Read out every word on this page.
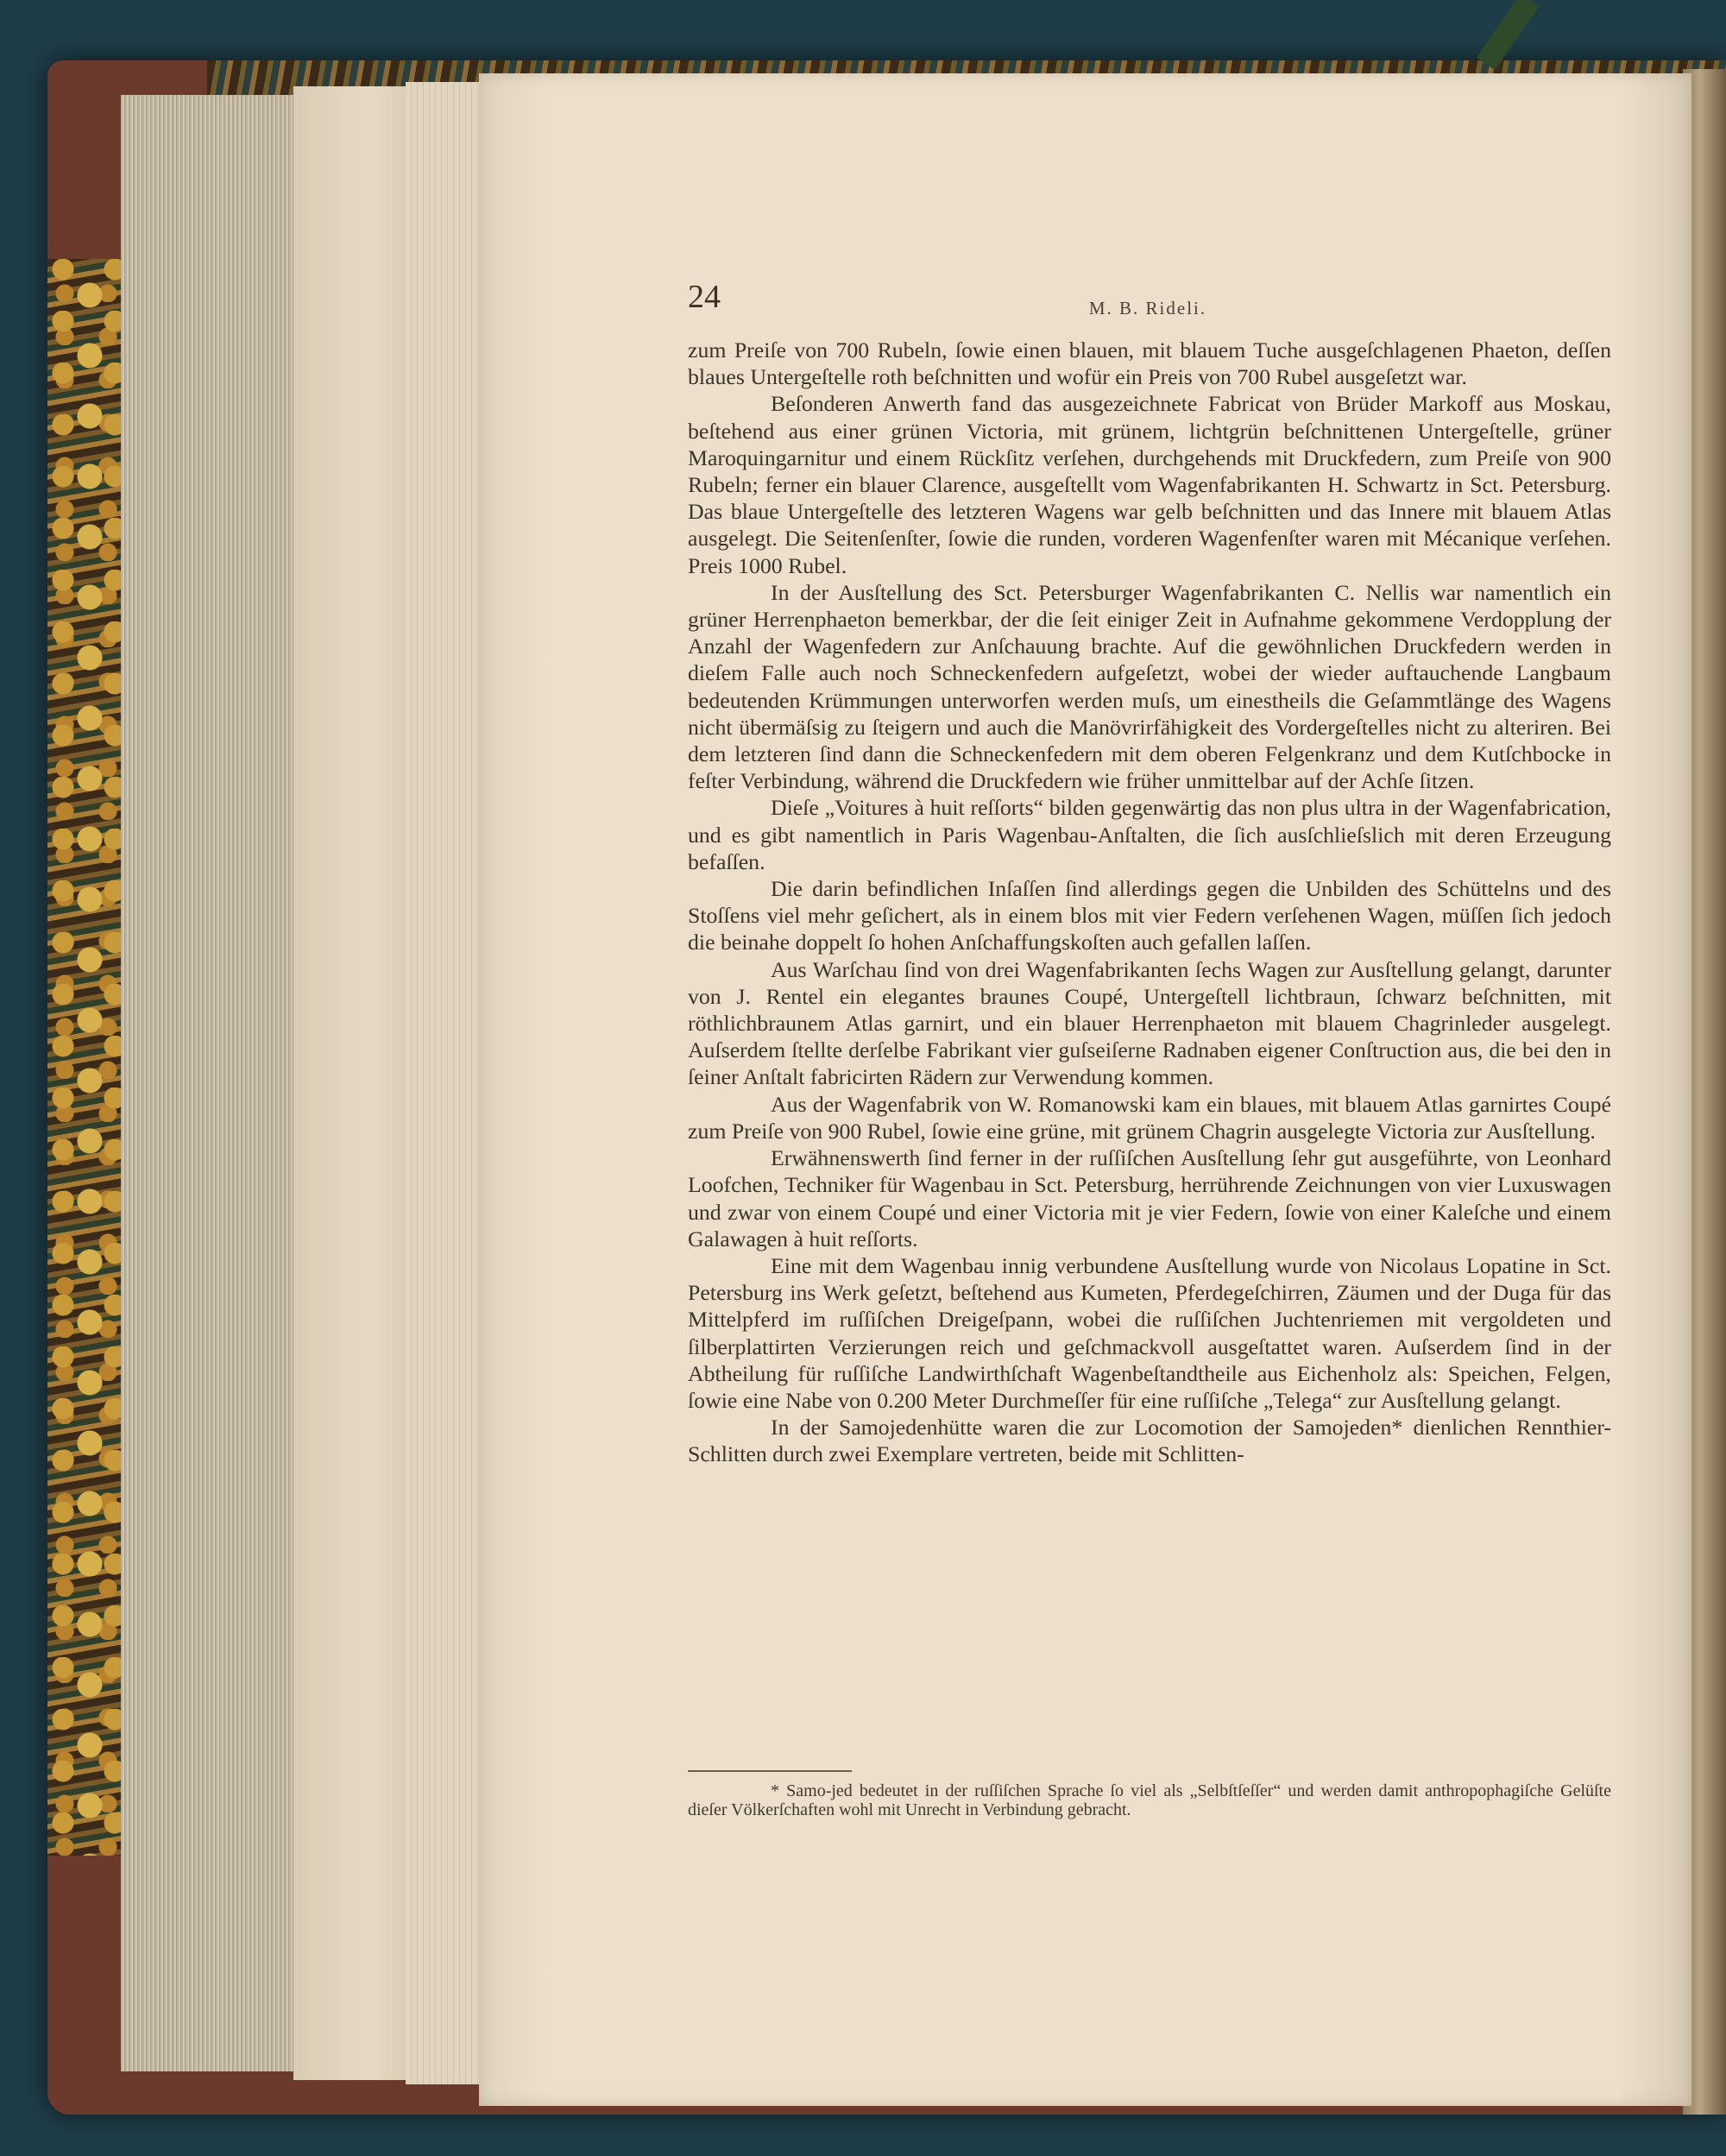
24	M. B. Rideli.

zum Preiſe von 700 Rubeln, ſowie einen blauen, mit blauem Tuche ausgeſchlagenen Phaeton, deſſen blaues Untergeſtelle roth beſchnitten und wofür ein Preis von 700 Rubel ausgeſetzt war.

Beſonderen Anwerth fand das ausgezeichnete Fabricat von Brüder Markoff aus Moskau, beſtehend aus einer grünen Victoria, mit grünem, lichtgrün beſchnittenen Untergeſtelle, grüner Maroquingarnitur und einem Rückſitz verſehen, durchgehends mit Druckfedern, zum Preiſe von 900 Rubeln; ferner ein blauer Clarence, ausgeſtellt vom Wagenfabrikanten H. Schwartz in Sct. Petersburg. Das blaue Untergeſtelle des letzteren Wagens war gelb beſchnitten und das Innere mit blauem Atlas ausgelegt. Die Seitenſenſter, ſowie die runden, vorderen Wagenfenſter waren mit Mécanique verſehen. Preis 1000 Rubel.

In der Ausſtellung des Sct. Petersburger Wagenfabrikanten C. Nellis war namentlich ein grüner Herrenphaeton bemerkbar, der die ſeit einiger Zeit in Aufnahme gekommene Verdopplung der Anzahl der Wagenfedern zur Anſchauung brachte. Auf die gewöhnlichen Druckfedern werden in dieſem Falle auch noch Schneckenfedern aufgeſetzt, wobei der wieder auftauchende Langbaum bedeutenden Krümmungen unterworfen werden muſs, um einestheils die Geſammtlänge des Wagens nicht übermäſsig zu ſteigern und auch die Manövrirfähigkeit des Vordergeſtelles nicht zu alteriren. Bei dem letzteren ſind dann die Schneckenfedern mit dem oberen Felgenkranz und dem Kutſchbocke in feſter Verbindung, während die Druckfedern wie früher unmittelbar auf der Achſe ſitzen.

Dieſe „Voitures à huit reſſorts“ bilden gegenwärtig das non plus ultra in der Wagenfabrication, und es gibt namentlich in Paris Wagenbau-Anſtalten, die ſich ausſchlieſslich mit deren Erzeugung befaſſen.

Die darin befindlichen Inſaſſen ſind allerdings gegen die Unbilden des Schüttelns und des Stoſſens viel mehr geſichert, als in einem blos mit vier Federn verſehenen Wagen, müſſen ſich jedoch die beinahe doppelt ſo hohen Anſchaffungskoſten auch gefallen laſſen.

Aus Warſchau ſind von drei Wagenfabrikanten ſechs Wagen zur Ausſtellung gelangt, darunter von J. Rentel ein elegantes braunes Coupé, Untergeſtell lichtbraun, ſchwarz beſchnitten, mit röthlichbraunem Atlas garnirt, und ein blauer Herrenphaeton mit blauem Chagrinleder ausgelegt. Auſserdem ſtellte derſelbe Fabrikant vier guſseiſerne Radnaben eigener Conſtruction aus, die bei den in ſeiner Anſtalt fabricirten Rädern zur Verwendung kommen.

Aus der Wagenfabrik von W. Romanowski kam ein blaues, mit blauem Atlas garnirtes Coupé zum Preiſe von 900 Rubel, ſowie eine grüne, mit grünem Chagrin ausgelegte Victoria zur Ausſtellung.

Erwähnenswerth ſind ferner in der ruſſiſchen Ausſtellung ſehr gut ausgeführte, von Leonhard Loofchen, Techniker für Wagenbau in Sct. Petersburg, herrührende Zeichnungen von vier Luxuswagen und zwar von einem Coupé und einer Victoria mit je vier Federn, ſowie von einer Kaleſche und einem Galawagen à huit reſſorts.

Eine mit dem Wagenbau innig verbundene Ausſtellung wurde von Nicolaus Lopatine in Sct. Petersburg ins Werk geſetzt, beſtehend aus Kumeten, Pferdegeſchirren, Zäumen und der Duga für das Mittelpferd im ruſſiſchen Dreigeſpann, wobei die ruſſiſchen Juchtenriemen mit vergoldeten und ſilberplattirten Verzierungen reich und geſchmackvoll ausgeſtattet waren. Auſserdem ſind in der Abtheilung für ruſſiſche Landwirthſchaft Wagenbeſtandtheile aus Eichenholz als: Speichen, Felgen, ſowie eine Nabe von 0.200 Meter Durchmeſſer für eine ruſſiſche „Telega“ zur Ausſtellung gelangt.

In der Samojedenhütte waren die zur Locomotion der Samojeden* dienlichen Rennthier-Schlitten durch zwei Exemplare vertreten, beide mit Schlitten-

* Samo-jed bedeutet in der ruſſiſchen Sprache ſo viel als „Selbſtſeſſer“ und werden damit anthropophagiſche Gelüſte dieſer Völkerſchaften wohl mit Unrecht in Verbindung gebracht.
